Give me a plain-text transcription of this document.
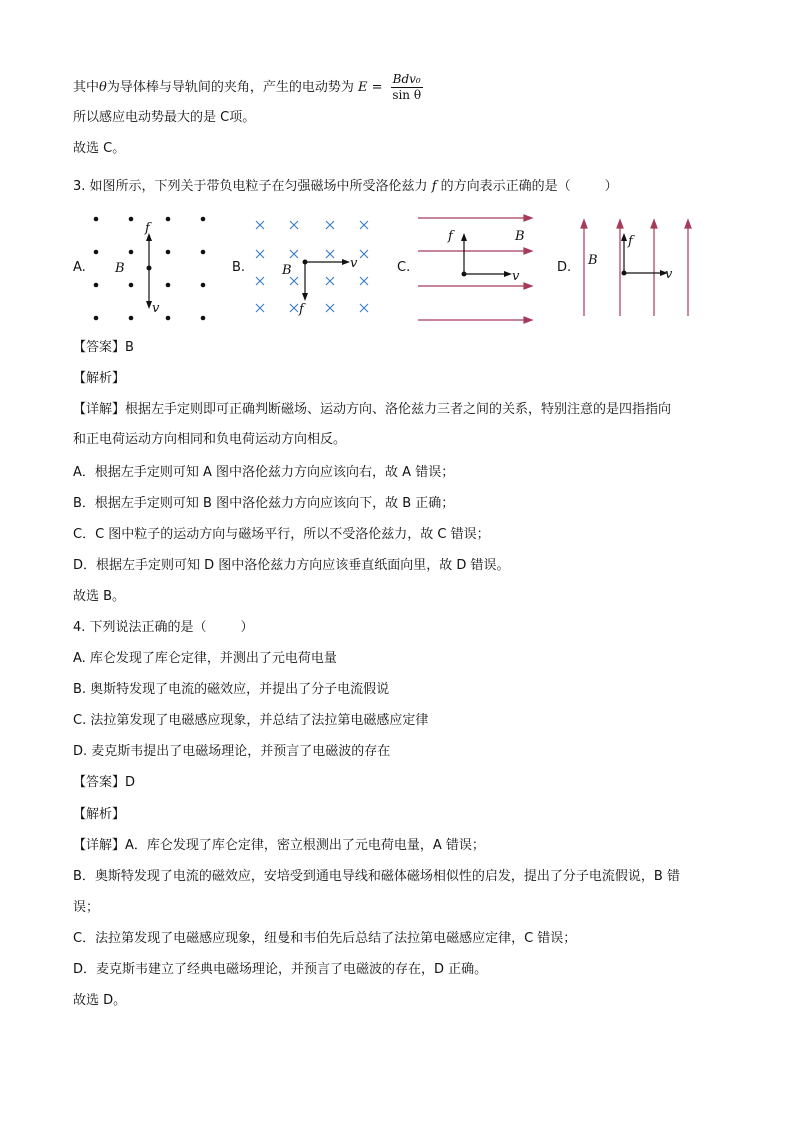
其中θ为导体棒与导轨间的夹角，产生的电动势为 $E = \frac{\text{Bdv₀}}{\text{sin θ}}$
所以感应电动势最大的是 C项。
故选 C。
3. 如图所示，下列关于带负电粒子在匀强磁场中所受洛伦兹力 f 的方向表示正确的是（	）
A.
f
B
v
B.	v
B
f
C.
f	B
v
D.
f
B
v
【答案】B
【解析】
【详解】根据左手定则即可正确判断磁场、运动方向、洛伦兹力三者之间的关系，特别注意的是四指指向
和正电荷运动方向相同和负电荷运动方向相反。
A．根据左手定则可知 A 图中洛伦兹力方向应该向右，故 A 错误；
B．根据左手定则可知 B 图中洛伦兹力方向应该向下，故 B 正确；
C．C 图中粒子的运动方向与磁场平行，所以不受洛伦兹力，故 C 错误；
D．根据左手定则可知 D 图中洛伦兹力方向应该垂直纸面向里，故 D 错误。
故选 B。
4. 下列说法正确的是（	）
A. 库仑发现了库仑定律，并测出了元电荷电量
B. 奥斯特发现了电流的磁效应，并提出了分子电流假说
C. 法拉第发现了电磁感应现象，并总结了法拉第电磁感应定律
D. 麦克斯韦提出了电磁场理论，并预言了电磁波的存在
【答案】D
【解析】
【详解】A．库仑发现了库仑定律，密立根测出了元电荷电量，A 错误；
B．奥斯特发现了电流的磁效应，安培受到通电导线和磁体磁场相似性的启发，提出了分子电流假说，B 错
误；
C．法拉第发现了电磁感应现象，纽曼和韦伯先后总结了法拉第电磁感应定律，C 错误；
D．麦克斯韦建立了经典电磁场理论，并预言了电磁波的存在，D 正确。
故选 D。
